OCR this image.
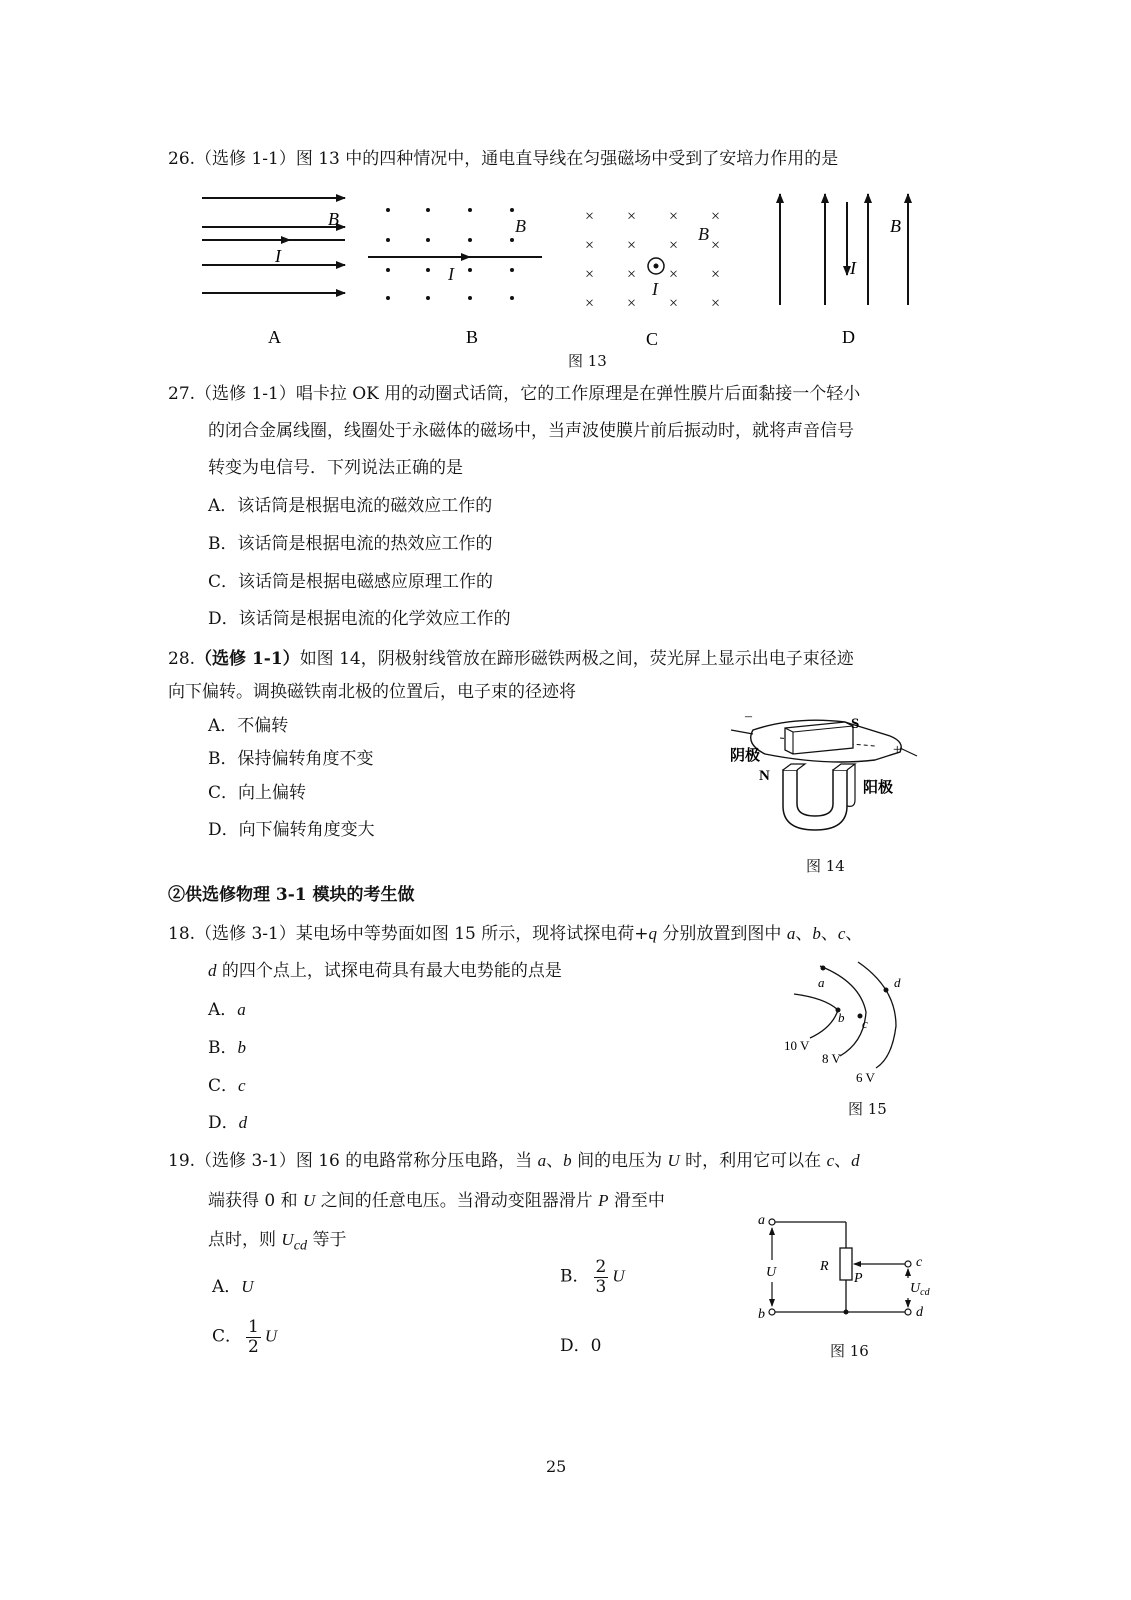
26.（选修 1-1）图 13 中的四种情况中，通电直导线在匀强磁场中受到了安培力作用的是
B
I
B
I
× × × ×
× × × ×
× × × ×
× × × ×
B
I
B
I
A	B	C	D
图 13
27.（选修 1-1）唱卡拉 OK 用的动圈式话筒，它的工作原理是在弹性膜片后面黏接一个轻小
的闭合金属线圈，线圈处于永磁体的磁场中，当声波使膜片前后振动时，就将声音信号
转变为电信号．下列说法正确的是
A．该话筒是根据电流的磁效应工作的
B．该话筒是根据电流的热效应工作的
C．该话筒是根据电磁感应原理工作的
D．该话筒是根据电流的化学效应工作的
28.（选修 1-1）如图 14，阴极射线管放在蹄形磁铁两极之间，荧光屏上显示出电子束径迹
向下偏转。调换磁铁南北极的位置后，电子束的径迹将
A．不偏转
B．保持偏转角度不变
C．向上偏转
D．向下偏转角度变大
–	S
+
阴极
N
阳极
图 14
②供选修物理 3-1 模块的考生做
18.（选修 3-1）某电场中等势面如图 15 所示，现将试探电荷+q 分别放置到图中 a、b、c、
d 的四个点上，试探电荷具有最大电势能的点是
A．a
B．b
C．c
D．d
a
b c
d
10 V
8 V
6 V
图 15
19.（选修 3-1）图 16 的电路常称分压电路，当 a、b 间的电压为 U 时，利用它可以在 c、d
端获得 0 和 U 之间的任意电压。当滑动变阻器滑片 P 滑至中
点时，则 $U_{cd}$ 等于
A．U	B． $\frac{2}{3}$ U
C． $\frac{1}{2}$ U	D．0
a
b
c
d
U	R
P
$U_{cd}$
图 16
25
